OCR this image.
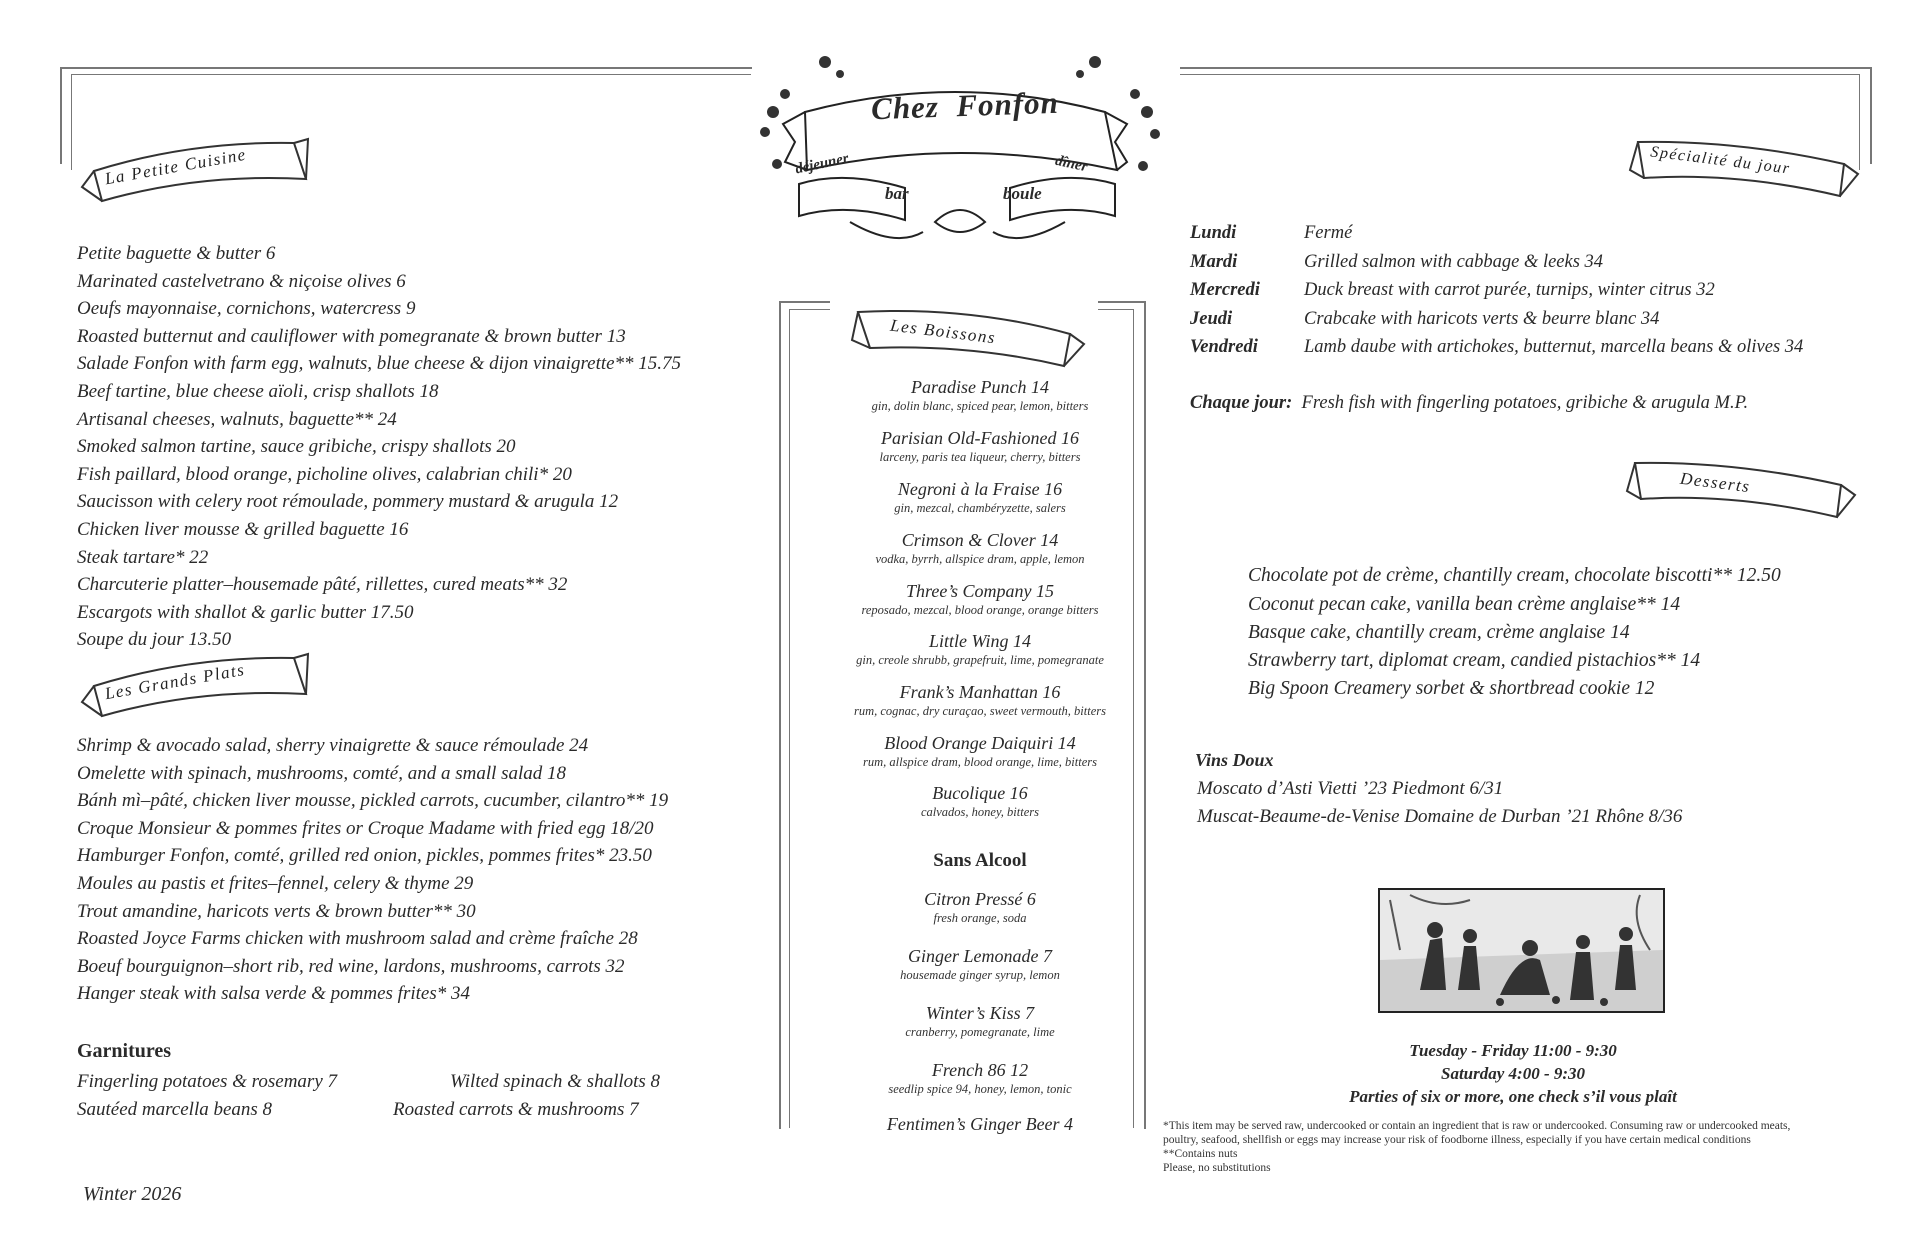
Chez  Fonfon
déjeuner	dîner
bar	boule
La Petite Cuisine
Les Grands Plats
Les Boissons
Spécialité du jour
Desserts
Petite baguette & butter 6
Marinated castelvetrano & niçoise olives 6
Oeufs mayonnaise, cornichons, watercress 9
Roasted butternut and cauliflower with pomegranate & brown butter 13
Salade Fonfon with farm egg, walnuts, blue cheese & dijon vinaigrette** 15.75
Beef tartine, blue cheese aïoli, crisp shallots 18
Artisanal cheeses, walnuts, baguette** 24
Smoked salmon tartine, sauce gribiche, crispy shallots 20
Fish paillard, blood orange, picholine olives, calabrian chili* 20
Saucisson with celery root rémoulade, pommery mustard & arugula 12
Chicken liver mousse & grilled baguette 16
Steak tartare* 22
Charcuterie platter–housemade pâté, rillettes, cured meats** 32
Escargots with shallot & garlic butter 17.50
Soupe du jour 13.50
Shrimp & avocado salad, sherry vinaigrette & sauce rémoulade 24
Omelette with spinach, mushrooms, comté, and a small salad 18
Bánh mì–pâté, chicken liver mousse, pickled carrots, cucumber, cilantro** 19
Croque Monsieur & pommes frites or Croque Madame with fried egg 18/20
Hamburger Fonfon, comté, grilled red onion, pickles, pommes frites* 23.50
Moules au pastis et frites–fennel, celery & thyme 29
Trout amandine, haricots verts & brown butter** 30
Roasted Joyce Farms chicken with mushroom salad and crème fraîche 28
Boeuf bourguignon–short rib, red wine, lardons, mushrooms, carrots 32
Hanger steak with salsa verde & pommes frites* 34
Garnitures
Fingerling potatoes & rosemary 7	Wilted spinach & shallots 8
Sautéed marcella beans 8	Roasted carrots & mushrooms 7
Winter 2026
Paradise Punch 14
gin, dolin blanc, spiced pear, lemon, bitters
Parisian Old-Fashioned 16
larceny, paris tea liqueur, cherry, bitters
Negroni à la Fraise 16
gin, mezcal, chambéryzette, salers
Crimson & Clover 14
vodka, byrrh, allspice dram, apple, lemon
Three’s Company 15
reposado, mezcal, blood orange, orange bitters
Little Wing 14
gin, creole shrubb, grapefruit, lime, pomegranate
Frank’s Manhattan 16
rum, cognac, dry curaçao, sweet vermouth, bitters
Blood Orange Daiquiri 14
rum, allspice dram, blood orange, lime, bitters
Bucolique 16
calvados, honey, bitters
Sans Alcool
Citron Pressé 6
fresh orange, soda
Ginger Lemonade 7
housemade ginger syrup, lemon
Winter’s Kiss 7
cranberry, pomegranate, lime
French 86 12
seedlip spice 94, honey, lemon, tonic
Fentimen’s Ginger Beer 4
Lundi	Fermé
Mardi	Grilled salmon with cabbage & leeks 34
Mercredi Duck breast with carrot purée, turnips, winter citrus 32
Jeudi	Crabcake with haricots verts & beurre blanc 34
Vendredi Lamb daube with artichokes, butternut, marcella beans & olives 34
Chaque jour: Fresh fish with fingerling potatoes, gribiche & arugula M.P.
Chocolate pot de crème, chantilly cream, chocolate biscotti** 12.50
Coconut pecan cake, vanilla bean crème anglaise** 14
Basque cake, chantilly cream, crème anglaise 14
Strawberry tart, diplomat cream, candied pistachios** 14
Big Spoon Creamery sorbet & shortbread cookie 12
Vins Doux
Moscato d’Asti Vietti ’23 Piedmont 6/31
Muscat-Beaume-de-Venise Domaine de Durban ’21 Rhône 8/36
Tuesday - Friday 11:00 - 9:30
Saturday 4:00 - 9:30
Parties of six or more, one check s’il vous plaît
*This item may be served raw, undercooked or contain an ingredient that is raw or undercooked. Consuming raw or undercooked meats,
poultry, seafood, shellfish or eggs may increase your risk of foodborne illness, especially if you have certain medical conditions
**Contains nuts
Please, no substitutions
